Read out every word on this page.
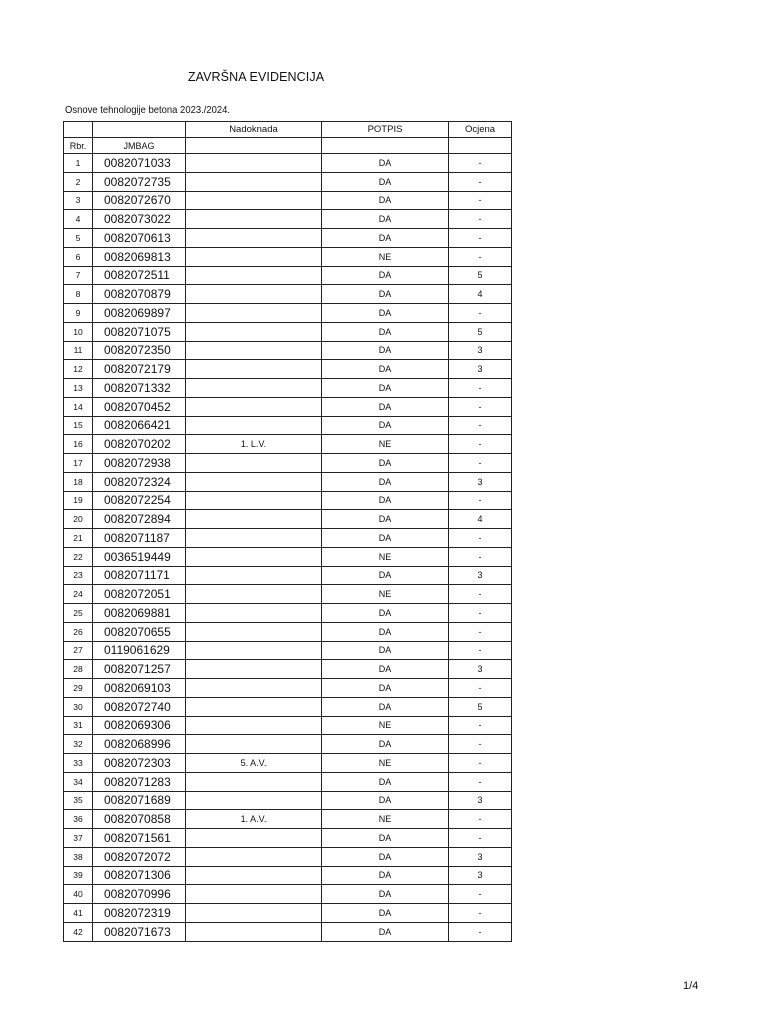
ZAVRŠNA EVIDENCIJA
Osnove tehnologije betona 2023./2024.
		Nadoknada	POTPIS	Ocjena
Rbr.	JMBAG			
1	0082071033		DA	-
2	0082072735		DA	-
3	0082072670		DA	-
4	0082073022		DA	-
5	0082070613		DA	-
6	0082069813		NE	-
7	0082072511		DA	5
8	0082070879		DA	4
9	0082069897		DA	-
10	0082071075		DA	5
11	0082072350		DA	3
12	0082072179		DA	3
13	0082071332		DA	-
14	0082070452		DA	-
15	0082066421		DA	-
16	0082070202	1. L.V.	NE	-
17	0082072938		DA	-
18	0082072324		DA	3
19	0082072254		DA	-
20	0082072894		DA	4
21	0082071187		DA	-
22	0036519449		NE	-
23	0082071171		DA	3
24	0082072051		NE	-
25	0082069881		DA	-
26	0082070655		DA	-
27	0119061629		DA	-
28	0082071257		DA	3
29	0082069103		DA	-
30	0082072740		DA	5
31	0082069306		NE	-
32	0082068996		DA	-
33	0082072303	5. A.V.	NE	-
34	0082071283		DA	-
35	0082071689		DA	3
36	0082070858	1. A.V.	NE	-
37	0082071561		DA	-
38	0082072072		DA	3
39	0082071306		DA	3
40	0082070996		DA	-
41	0082072319		DA	-
42	0082071673		DA	-
1/4
